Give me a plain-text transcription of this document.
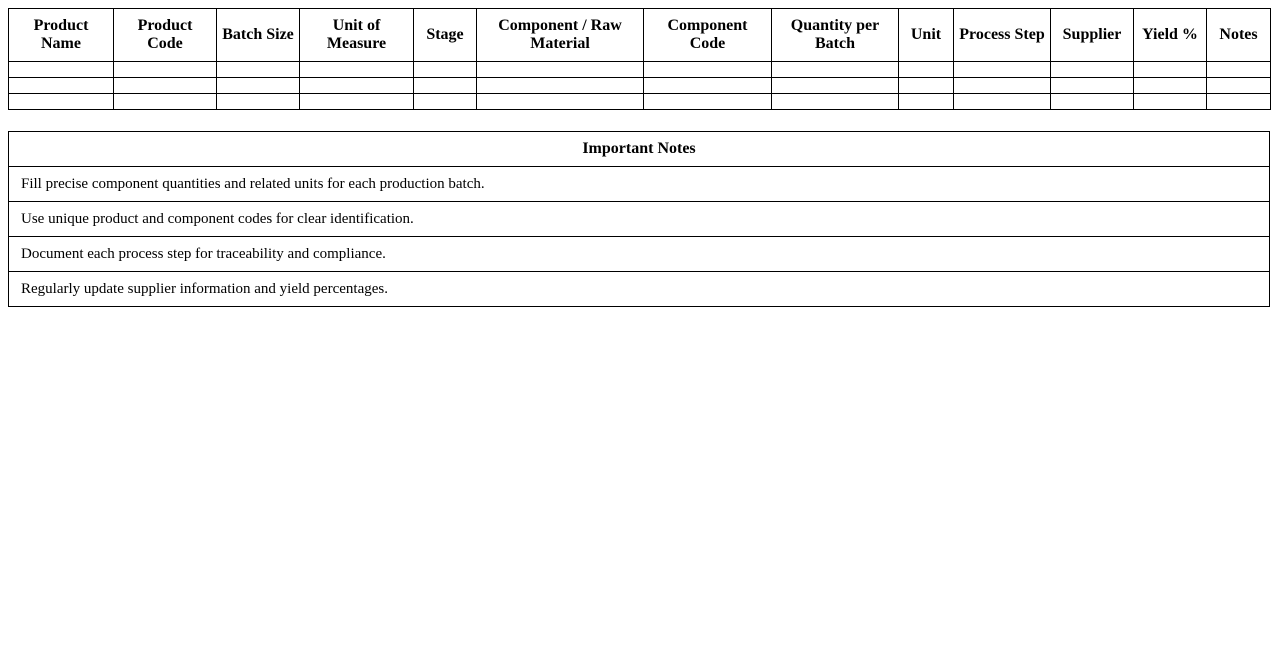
Product Name	Product Code	Batch Size	Unit of Measure	Stage	Component / Raw Material	Component Code	Quantity per Batch	Unit	Process Step	Supplier	Yield %	Notes

Important Notes
Fill precise component quantities and related units for each production batch.
Use unique product and component codes for clear identification.
Document each process step for traceability and compliance.
Regularly update supplier information and yield percentages.
